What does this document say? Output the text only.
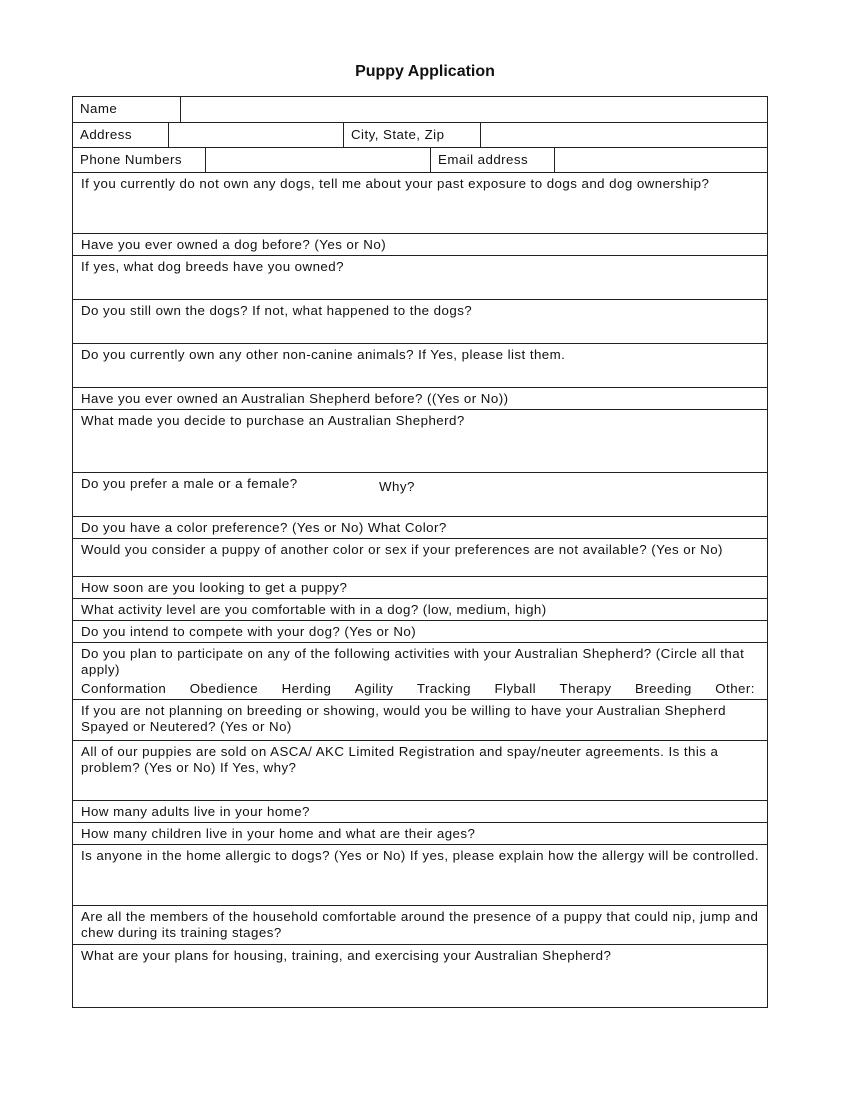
Puppy Application
Name
Address	City, State, Zip
Phone Numbers	Email address
If you currently do not own any dogs, tell me about your past exposure to dogs and dog ownership?
Have you ever owned a dog before? (Yes or No)
If yes, what dog breeds have you owned?
Do you still own the dogs? If not, what happened to the dogs?
Do you currently own any other non-canine animals? If Yes, please list them.
Have you ever owned an Australian Shepherd before? ((Yes or No))
What made you decide to purchase an Australian Shepherd?
Do you prefer a male or a female?	Why?
Do you have a color preference? (Yes or No) What Color?
Would you consider a puppy of another color or sex if your preferences are not available? (Yes or No)
How soon are you looking to get a puppy?
What activity level are you comfortable with in a dog? (low, medium, high)
Do you intend to compete with your dog? (Yes or No)
Do you plan to participate on any of the following activities with your Australian Shepherd? (Circle all that apply)
Conformation Obedience Herding Agility Tracking Flyball Therapy Breeding Other:
If you are not planning on breeding or showing, would you be willing to have your Australian Shepherd Spayed or Neutered? (Yes or No)
All of our puppies are sold on ASCA/ AKC Limited Registration and spay/neuter agreements. Is this a problem? (Yes or No) If Yes, why?
How many adults live in your home?
How many children live in your home and what are their ages?
Is anyone in the home allergic to dogs? (Yes or No) If yes, please explain how the allergy will be controlled.
Are all the members of the household comfortable around the presence of a puppy that could nip, jump and chew during its training stages?
What are your plans for housing, training, and exercising your Australian Shepherd?
